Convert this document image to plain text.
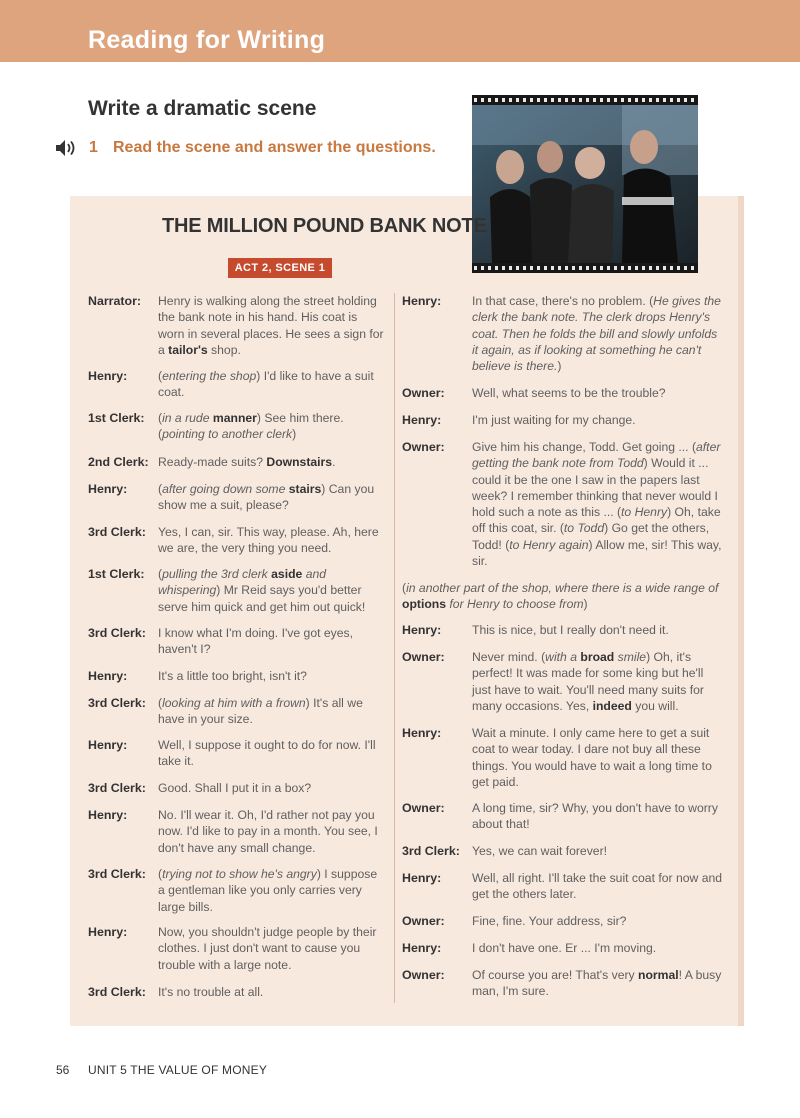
Reading for Writing
Write a dramatic scene
1 Read the scene and answer the questions.
THE MILLION POUND BANK NOTE
ACT 2, SCENE 1
Narrator: Henry is walking along the street holding the bank note in his hand. His coat is worn in several places. He sees a sign for a tailor's shop.
Henry:	(entering the shop) I'd like to have a suit coat.
1st Clerk: (in a rude manner) See him there. (pointing to another clerk)
2nd Clerk: Ready-made suits? Downstairs.
Henry:	(after going down some stairs) Can you show me a suit, please?
3rd Clerk: Yes, I can, sir. This way, please. Ah, here we are, the very thing you need.
1st Clerk: (pulling the 3rd clerk aside and whispering) Mr Reid says you'd better serve him quick and get him out quick!
3rd Clerk: I know what I'm doing. I've got eyes, haven't I?
Henry:	It's a little too bright, isn't it?
3rd Clerk: (looking at him with a frown) It's all we have in your size.
Henry:	Well, I suppose it ought to do for now. I'll take it.
3rd Clerk: Good. Shall I put it in a box?
Henry:	No. I'll wear it. Oh, I'd rather not pay you now. I'd like to pay in a month. You see, I don't have any small change.
3rd Clerk: (trying not to show he's angry) I suppose a gentleman like you only carries very large bills.
Henry:	Now, you shouldn't judge people by their clothes. I just don't want to cause you trouble with a large note.
3rd Clerk: It's no trouble at all.
Henry:	In that case, there's no problem. (He gives the clerk the bank note. The clerk drops Henry's coat. Then he folds the bill and slowly unfolds it again, as if looking at something he can't believe is there.)
Owner: Well, what seems to be the trouble?
Henry:	I'm just waiting for my change.
Owner: Give him his change, Todd. Get going ... (after getting the bank note from Todd) Would it ... could it be the one I saw in the papers last week? I remember thinking that never would I hold such a note as this ... (to Henry) Oh, take off this coat, sir. (to Todd) Go get the others, Todd! (to Henry again) Allow me, sir! This way, sir.
(in another part of the shop, where there is a wide range of options for Henry to choose from)
Henry:	This is nice, but I really don't need it.
Owner: Never mind. (with a broad smile) Oh, it's perfect! It was made for some king but he'll just have to wait. You'll need many suits for many occasions. Yes, indeed you will.
Henry:	Wait a minute. I only came here to get a suit coat to wear today. I dare not buy all these things. You would have to wait a long time to get paid.
Owner: A long time, sir? Why, you don't have to worry about that!
3rd Clerk: Yes, we can wait forever!
Henry:	Well, all right. I'll take the suit coat for now and get the others later.
Owner: Fine, fine. Your address, sir?
Henry:	I don't have one. Er ... I'm moving.
Owner: Of course you are! That's very normal! A busy man, I'm sure.
56 UNIT 5 THE VALUE OF MONEY
